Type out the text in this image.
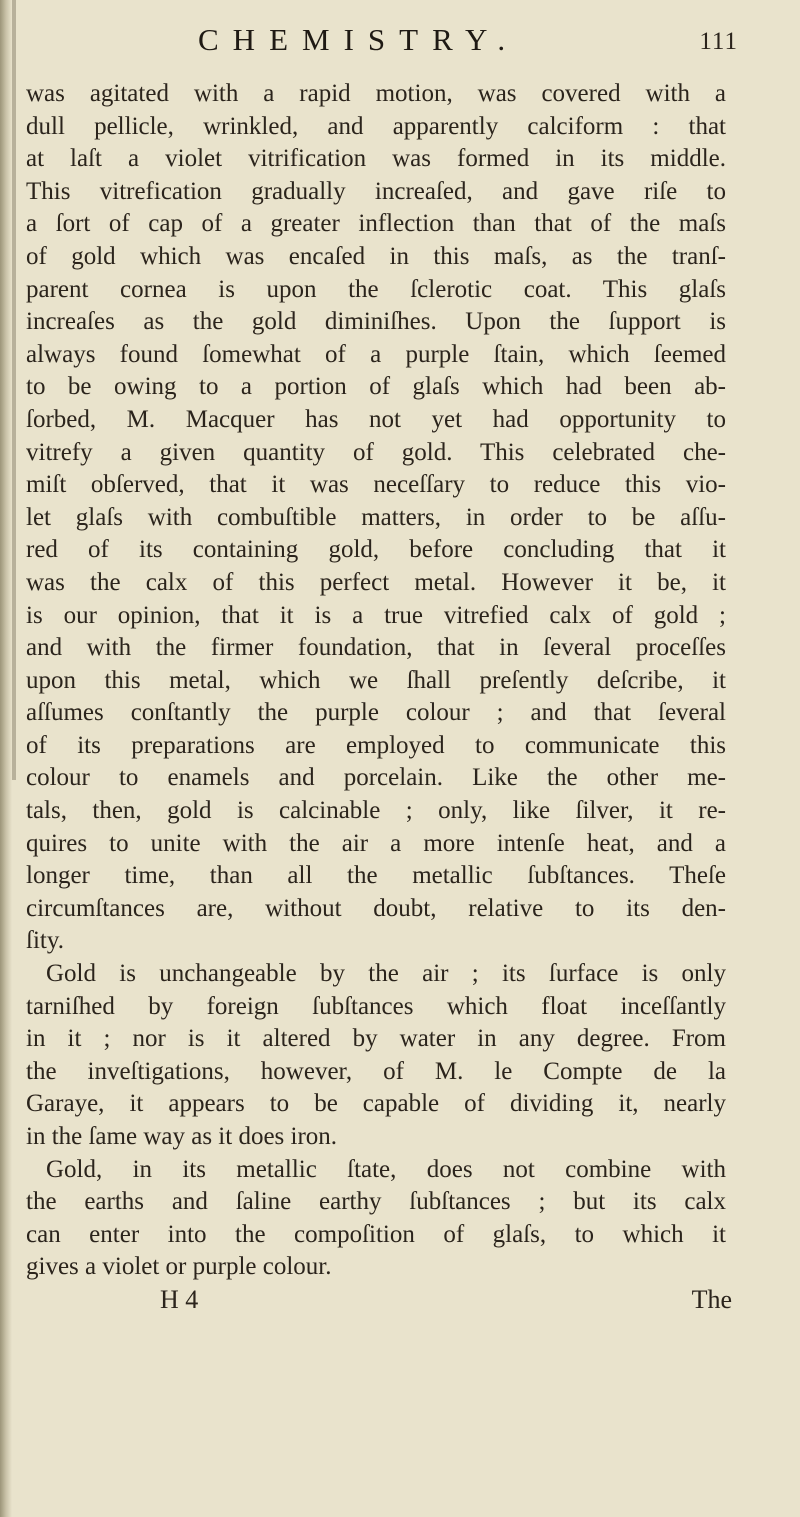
CHEMISTRY.	111
was agitated with a rapid motion, was covered with a
dull pellicle, wrinkled, and apparently calciform : that
at laſt a violet vitrification was formed in its middle.
This vitrefication gradually increaſed, and gave riſe to
a ſort of cap of a greater inflection than that of the maſs
of gold which was encaſed in this maſs, as the tranſ-
parent cornea is upon the ſclerotic coat. This glaſs
increaſes as the gold diminiſhes. Upon the ſupport is
always found ſomewhat of a purple ſtain, which ſeemed
to be owing to a portion of glaſs which had been ab-
ſorbed, M. Macquer has not yet had opportunity to
vitrefy a given quantity of gold. This celebrated che-
miſt obſerved, that it was neceſſary to reduce this vio-
let glaſs with combuſtible matters, in order to be aſſu-
red of its containing gold, before concluding that it
was the calx of this perfect metal. However it be, it
is our opinion, that it is a true vitrefied calx of gold ;
and with the firmer foundation, that in ſeveral proceſſes
upon this metal, which we ſhall preſently deſcribe, it
aſſumes conſtantly the purple colour ; and that ſeveral
of its preparations are employed to communicate this
colour to enamels and porcelain. Like the other me-
tals, then, gold is calcinable ; only, like ſilver, it re-
quires to unite with the air a more intenſe heat, and a
longer time, than all the metallic ſubſtances. Theſe
circumſtances are, without doubt, relative to its den-
ſity.
Gold is unchangeable by the air ; its ſurface is only
tarniſhed by foreign ſubſtances which float inceſſantly
in it ; nor is it altered by water in any degree. From
the inveſtigations, however, of M. le Compte de la
Garaye, it appears to be capable of dividing it, nearly
in the ſame way as it does iron.
Gold, in its metallic ſtate, does not combine with
the earths and ſaline earthy ſubſtances ; but its calx
can enter into the compoſition of glaſs, to which it
gives a violet or purple colour.
H 4	The
